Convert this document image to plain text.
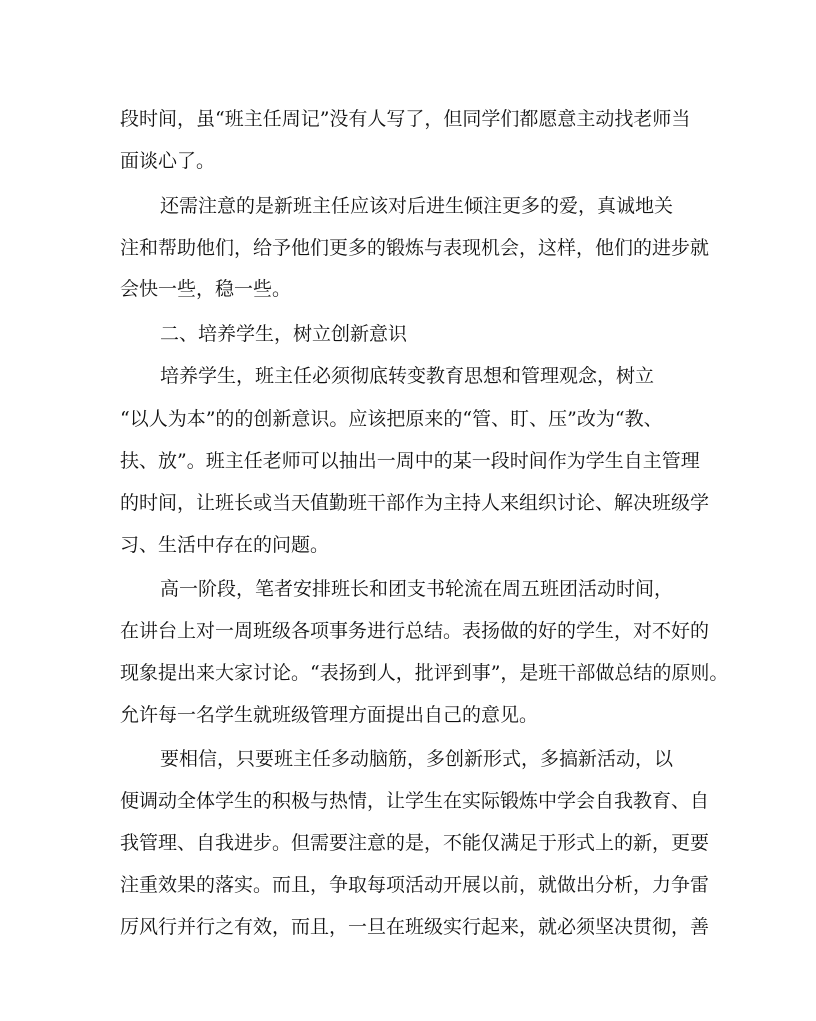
段时间，虽“班主任周记”没有人写了，但同学们都愿意主动找老师当

面谈心了。

还需注意的是新班主任应该对后进生倾注更多的爱，真诚地关

注和帮助他们，给予他们更多的锻炼与表现机会，这样，他们的进步就

会快一些，稳一些。

二、培养学生，树立创新意识

培养学生，班主任必须彻底转变教育思想和管理观念，树立

“以人为本”的的创新意识。应该把原来的“管、盯、压”改为“教、

扶、放”。班主任老师可以抽出一周中的某一段时间作为学生自主管理

的时间，让班长或当天值勤班干部作为主持人来组织讨论、解决班级学

习、生活中存在的问题。

高一阶段，笔者安排班长和团支书轮流在周五班团活动时间，

在讲台上对一周班级各项事务进行总结。表扬做的好的学生，对不好的

现象提出来大家讨论。“表扬到人，批评到事”，是班干部做总结的原则。

允许每一名学生就班级管理方面提出自己的意见。

要相信，只要班主任多动脑筋，多创新形式，多搞新活动，以

便调动全体学生的积极与热情，让学生在实际锻炼中学会自我教育、自

我管理、自我进步。但需要注意的是，不能仅满足于形式上的新，更要

注重效果的落实。而且，争取每项活动开展以前，就做出分析，力争雷

厉风行并行之有效，而且，一旦在班级实行起来，就必须坚决贯彻，善
